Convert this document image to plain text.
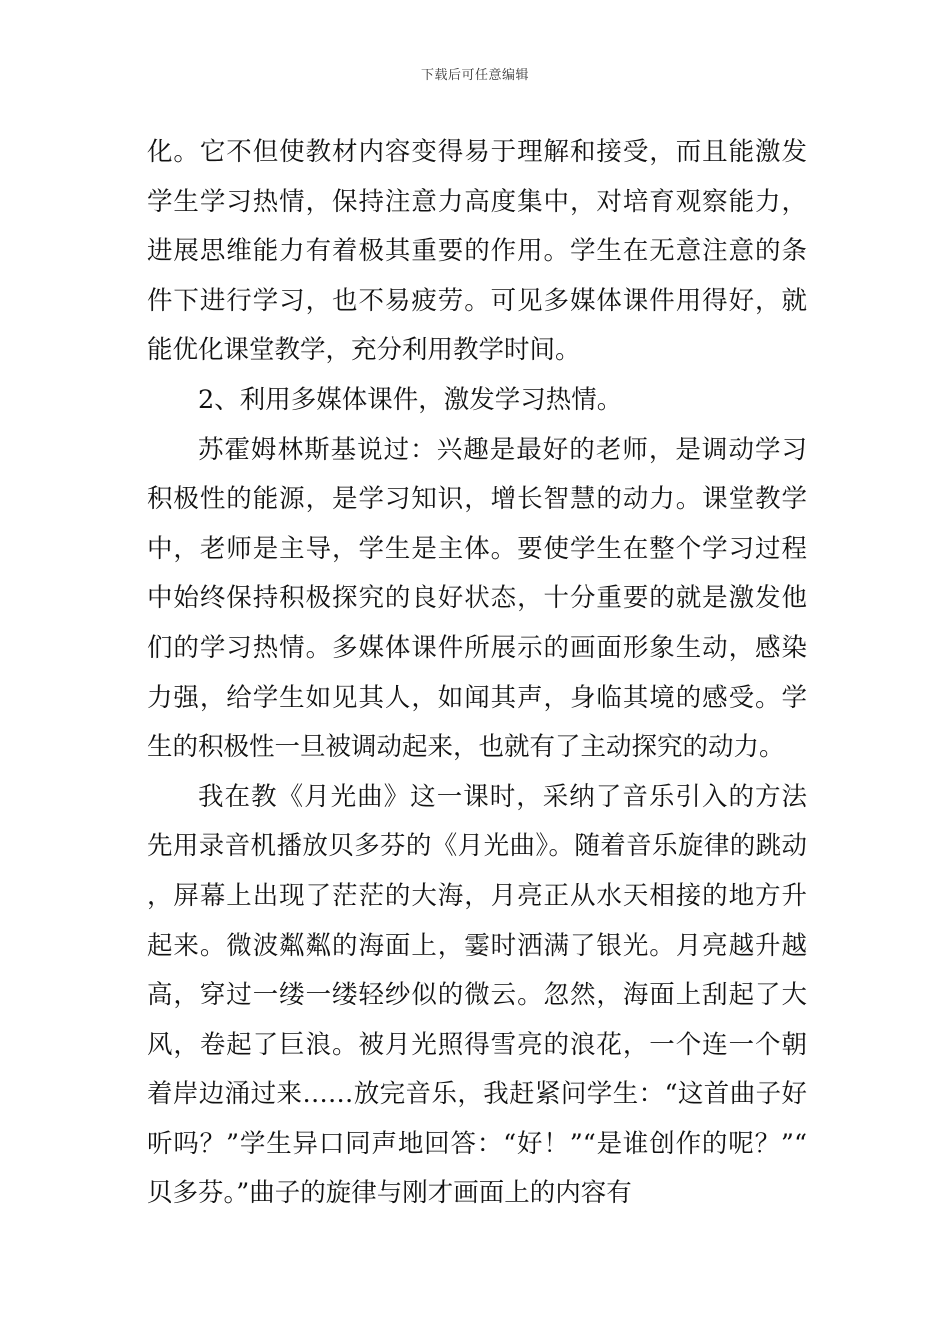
下载后可任意编辑

化。它不但使教材内容变得易于理解和接受，而且能激发学生学习热情，保持注意力高度集中，对培育观察能力，进展思维能力有着极其重要的作用。学生在无意注意的条件下进行学习，也不易疲劳。可见多媒体课件用得好，就能优化课堂教学，充分利用教学时间。

2、利用多媒体课件，激发学习热情。

苏霍姆林斯基说过：兴趣是最好的老师，是调动学习积极性的能源，是学习知识，增长智慧的动力。课堂教学中，老师是主导，学生是主体。要使学生在整个学习过程中始终保持积极探究的良好状态，十分重要的就是激发他们的学习热情。多媒体课件所展示的画面形象生动，感染力强，给学生如见其人，如闻其声，身临其境的感受。学生的积极性一旦被调动起来，也就有了主动探究的动力。

我在教《月光曲》这一课时，采纳了音乐引入的方法先用录音机播放贝多芬的《月光曲》。随着音乐旋律的跳动，屏幕上出现了茫茫的大海，月亮正从水天相接的地方升起来。微波粼粼的海面上，霎时洒满了银光。月亮越升越高，穿过一缕一缕轻纱似的微云。忽然，海面上刮起了大风，卷起了巨浪。被月光照得雪亮的浪花，一个连一个朝着岸边涌过来……放完音乐，我赶紧问学生：“这首曲子好听吗？”学生异口同声地回答：“好！”“是谁创作的呢？”“贝多芬。”曲子的旋律与刚才画面上的内容有
